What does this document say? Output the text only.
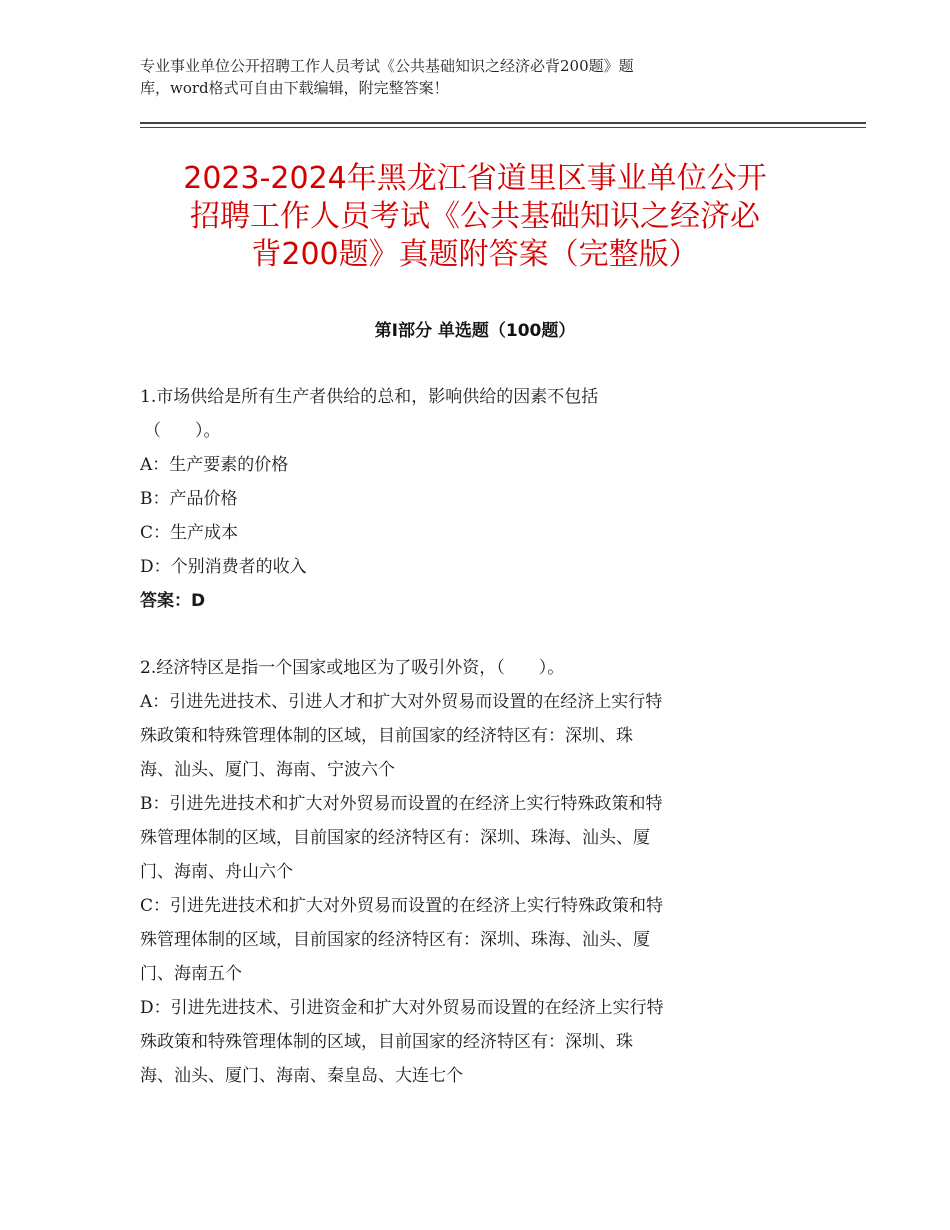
专业事业单位公开招聘工作人员考试《公共基础知识之经济必背200题》题
库，word格式可自由下载编辑，附完整答案！
2023-2024年黑龙江省道里区事业单位公开
招聘工作人员考试《公共基础知识之经济必
背200题》真题附答案（完整版）
第Ⅰ部分 单选题（100题）
1.市场供给是所有生产者供给的总和，影响供给的因素不包括
（　　）。
A：生产要素的价格
B：产品价格
C：生产成本
D：个别消费者的收入
答案：D
2.经济特区是指一个国家或地区为了吸引外资，（　　）。
A：引进先进技术、引进人才和扩大对外贸易而设置的在经济上实行特
殊政策和特殊管理体制的区域，目前国家的经济特区有：深圳、珠
海、汕头、厦门、海南、宁波六个
B：引进先进技术和扩大对外贸易而设置的在经济上实行特殊政策和特
殊管理体制的区域，目前国家的经济特区有：深圳、珠海、汕头、厦
门、海南、舟山六个
C：引进先进技术和扩大对外贸易而设置的在经济上实行特殊政策和特
殊管理体制的区域，目前国家的经济特区有：深圳、珠海、汕头、厦
门、海南五个
D：引进先进技术、引进资金和扩大对外贸易而设置的在经济上实行特
殊政策和特殊管理体制的区域，目前国家的经济特区有：深圳、珠
海、汕头、厦门、海南、秦皇岛、大连七个
